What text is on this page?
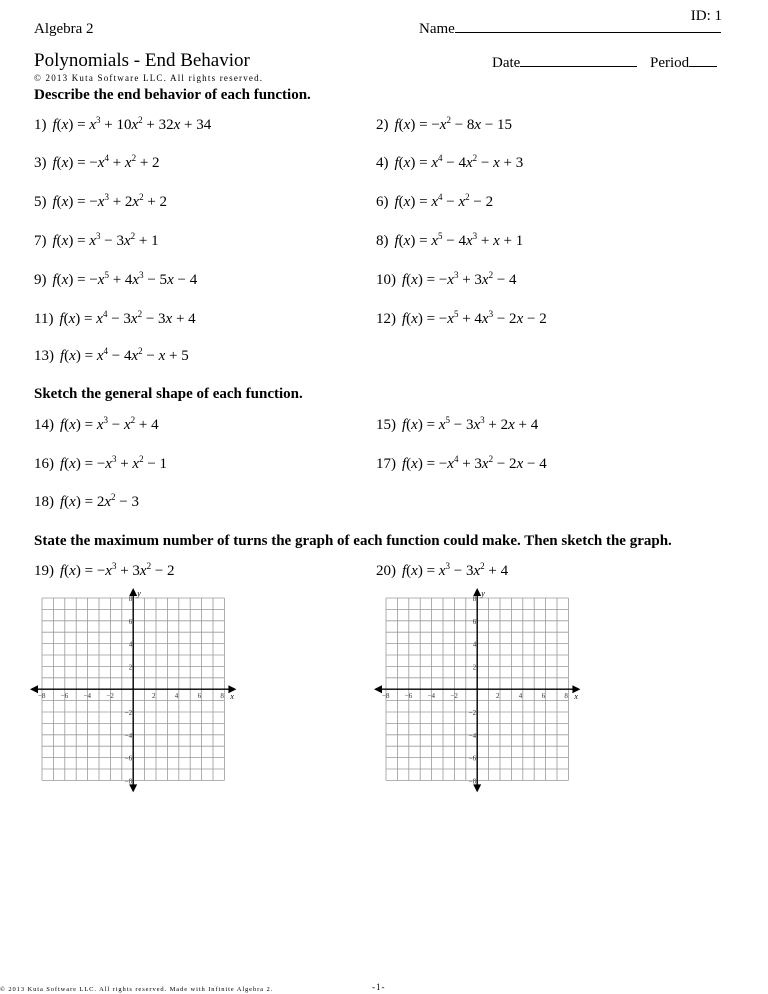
ID: 1
Algebra 2	Name
Polynomials - End Behavior	Date	Period
© 2013 Kuta Software LLC. All rights reserved.
Describe the end behavior of each function.
Sketch the general shape of each function.
State the maximum number of turns the graph of each function could make. Then sketch the graph.
1) $f(x) = x^3 + 10x^2 + 32x + 34$	2) $f(x) = -x^2 - 8x - 15$
3) $f(x) = -x^4 + x^2 + 2$	4) $f(x) = x^4 - 4x^2 - x + 3$
5) $f(x) = -x^3 + 2x^2 + 2$	6) $f(x) = x^4 - x^2 - 2$
7) $f(x) = x^3 - 3x^2 + 1$	8) $f(x) = x^5 - 4x^3 + x + 1$
9) $f(x) = -x^5 + 4x^3 - 5x - 4$	10) $f(x) = -x^3 + 3x^2 - 4$
11) $f(x) = x^4 - 3x^2 - 3x + 4$	12) $f(x) = -x^5 + 4x^3 - 2x - 2$
13) $f(x) = x^4 - 4x^2 - x + 5$
14) $f(x) = x^3 - x^2 + 4$	15) $f(x) = x^5 - 3x^3 + 2x + 4$
16) $f(x) = -x^3 + x^2 - 1$	17) $f(x) = -x^4 + 3x^2 - 2x - 4$
18) $f(x) = 2x^2 - 3$
19) $f(x) = -x^3 + 3x^2 - 2$	20) $f(x) = x^3 - 3x^2 + 4$
x
y
−8 −6 −4 −2	2	4	6	8
8
6
4
2
−2
−4
−6
−8
x
y
−8 −6 −4 −2	2	4	6	8
8
6
4
2
−2
−4
−6
−8
© 2013 Kuta Software LLC. All rights reserved. Made with Infinite Algebra 2.	-1-
